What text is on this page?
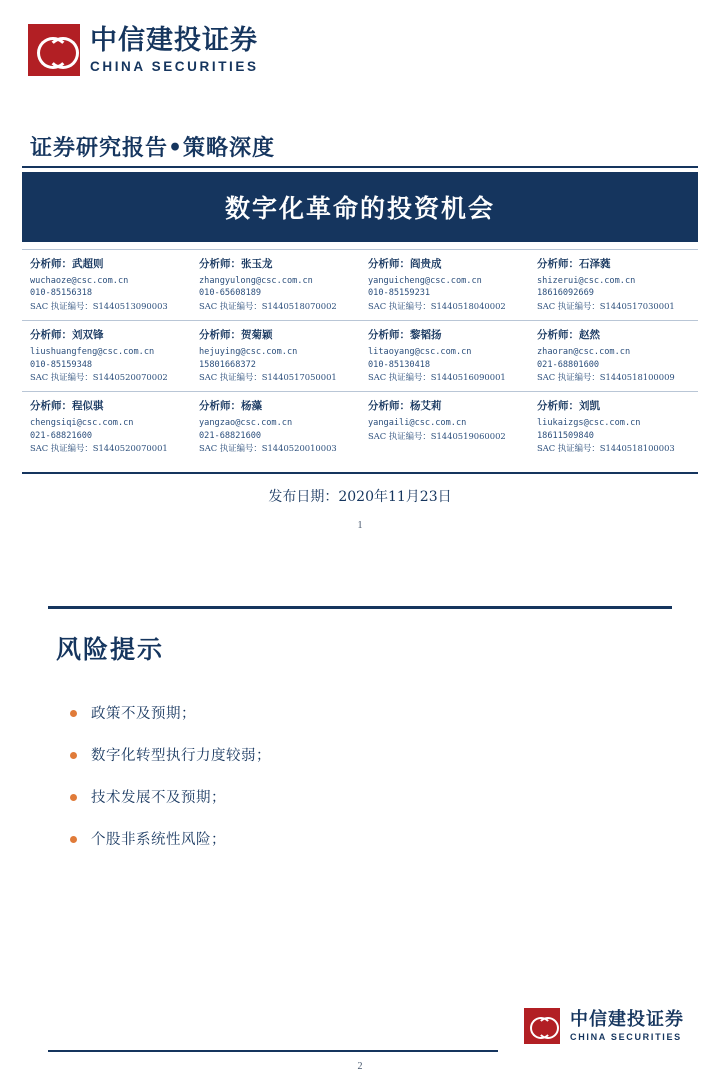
中信建投证券
CHINA SECURITIES
证券研究报告•策略深度
数字化革命的投资机会
分析师：武超则
wuchaoze@csc.com.cn
010-85156318
SAC 执证编号：S1440513090003
分析师：张玉龙
zhangyulong@csc.com.cn
010-65608189
SAC 执证编号：S1440518070002
分析师：阎贵成
yanguicheng@csc.com.cn
010-85159231
SAC 执证编号：S1440518040002
分析师：石泽蕤
shizerui@csc.com.cn
18616092669
SAC 执证编号：S1440517030001
分析师：刘双锋
liushuangfeng@csc.com.cn
010-85159348
SAC 执证编号：S1440520070002
分析师：贺菊颖
hejuying@csc.com.cn
15801668372
SAC 执证编号：S1440517050001
分析师：黎韬扬
litaoyang@csc.com.cn
010-85130418
SAC 执证编号：S1440516090001
分析师：赵然
zhaoran@csc.com.cn
021-68801600
SAC 执证编号：S1440518100009
分析师：程似骐
chengsiqi@csc.com.cn
021-68821600
SAC 执证编号：S1440520070001
分析师：杨藻
yangzao@csc.com.cn
021-68821600
SAC 执证编号：S1440520010003
分析师：杨艾莉
yangaili@csc.com.cn
SAC 执证编号：S1440519060002
分析师：刘凯
liukaizgs@csc.com.cn
18611509840
SAC 执证编号：S1440518100003
发布日期：2020年11月23日
1
风险提示
政策不及预期；
数字化转型执行力度较弱；
技术发展不及预期；
个股非系统性风险；
中信建投证券
CHINA SECURITIES
2
